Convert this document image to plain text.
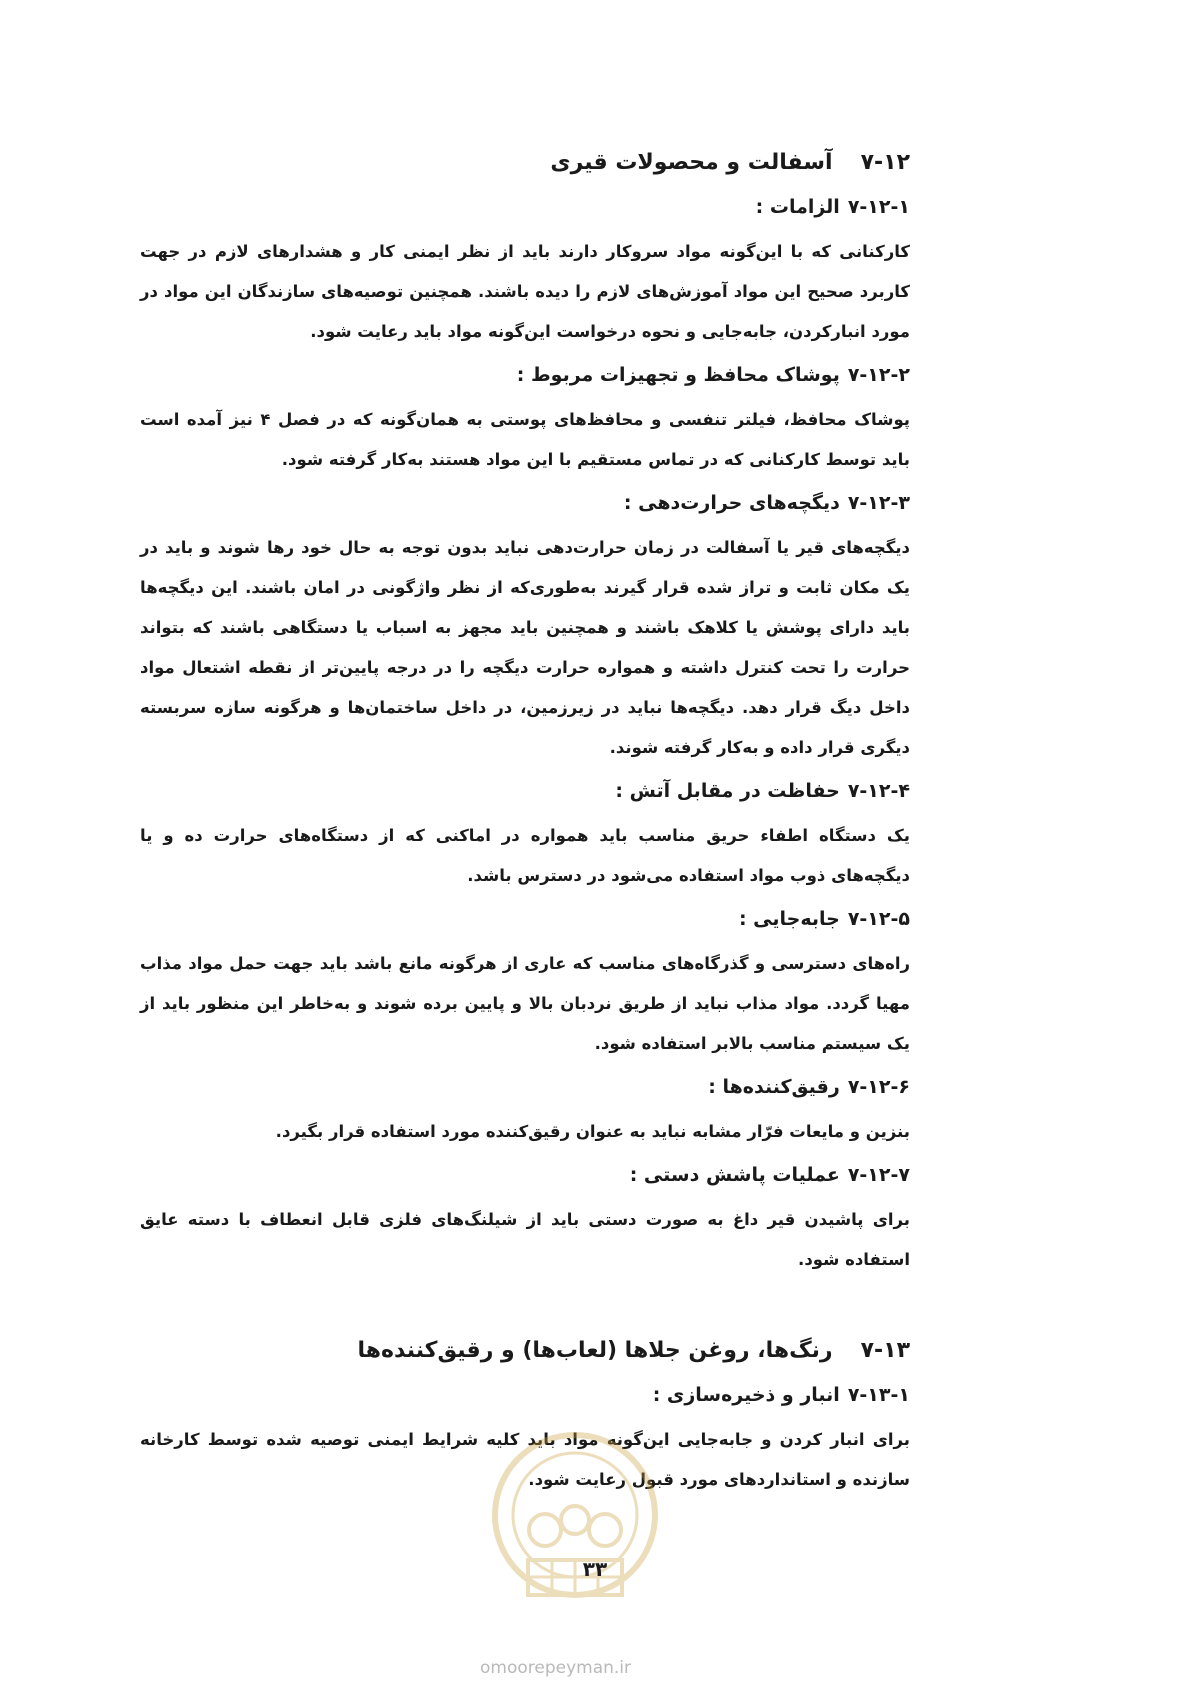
۷-۱۲
آسفالت و محصولات قیری
۷-۱۲-۱
الزامات :

کارکنانی که با این‌گونه مواد سروکار دارند باید از نظر ایمنی کار و هشدارهای لازم در جهت کاربرد صحیح این مواد آموزش‌های لازم را دیده باشند. همچنین توصیه‌های سازندگان این مواد در مورد انبارکردن، جابه‌جایی و نحوه درخواست این‌گونه مواد باید رعایت شود.

۷-۱۲-۲
پوشاک محافظ و تجهیزات مربوط :

پوشاک محافظ، فیلتر تنفسی و محافظ‌های پوستی به همان‌گونه که در فصل ۴ نیز آمده است باید توسط کارکنانی که در تماس مستقیم با این مواد هستند به‌کار گرفته شود.

۷-۱۲-۳
دیگچه‌های حرارت‌دهی :

دیگچه‌های قیر یا آسفالت در زمان حرارت‌دهی نباید بدون توجه به حال خود رها شوند و باید در یک مکان ثابت و تراز شده قرار گیرند به‌طوری‌که از نظر واژگونی در امان باشند. این دیگچه‌ها باید دارای پوشش یا کلاهک باشند و همچنین باید مجهز به اسباب یا دستگاهی باشند که بتواند حرارت را تحت کنترل داشته و همواره حرارت دیگچه را در درجه پایین‌تر از نقطه اشتعال مواد داخل دیگ قرار دهد. دیگچه‌ها نباید در زیرزمین، در داخل ساختمان‌ها و هرگونه سازه سربسته دیگری قرار داده و به‌کار گرفته شوند.

۷-۱۲-۴
حفاظت در مقابل آتش :

یک دستگاه اطفاء حریق مناسب باید همواره در اماکنی که از دستگاه‌های حرارت ده و یا دیگچه‌های ذوب مواد استفاده می‌شود در دسترس باشد.

۷-۱۲-۵
جابه‌جایی :

راه‌های دسترسی و گذرگاه‌های مناسب که عاری از هرگونه مانع باشد باید جهت حمل مواد مذاب مهیا گردد. مواد مذاب نباید از طریق نردبان بالا و پایین برده شوند و به‌خاطر این منظور باید از یک سیستم مناسب بالابر استفاده شود.

۷-۱۲-۶
رقیق‌کننده‌ها :

بنزین و مایعات فرّار مشابه نباید به عنوان رقیق‌کننده مورد استفاده قرار بگیرد.

۷-۱۲-۷
عملیات پاشش دستی :

برای پاشیدن قیر داغ به صورت دستی باید از شیلنگ‌های فلزی قابل انعطاف با دسته عایق استفاده شود.

۷-۱۳
رنگ‌ها، روغن جلاها (لعاب‌ها) و رقیق‌کننده‌ها
۷-۱۳-۱
انبار و ذخیره‌سازی :

برای انبار کردن و جابه‌جایی این‌گونه مواد باید کلیه شرایط ایمنی توصیه شده توسط کارخانه سازنده و استانداردهای مورد قبول رعایت شود.

۳۳
omoorepeyman.ir
